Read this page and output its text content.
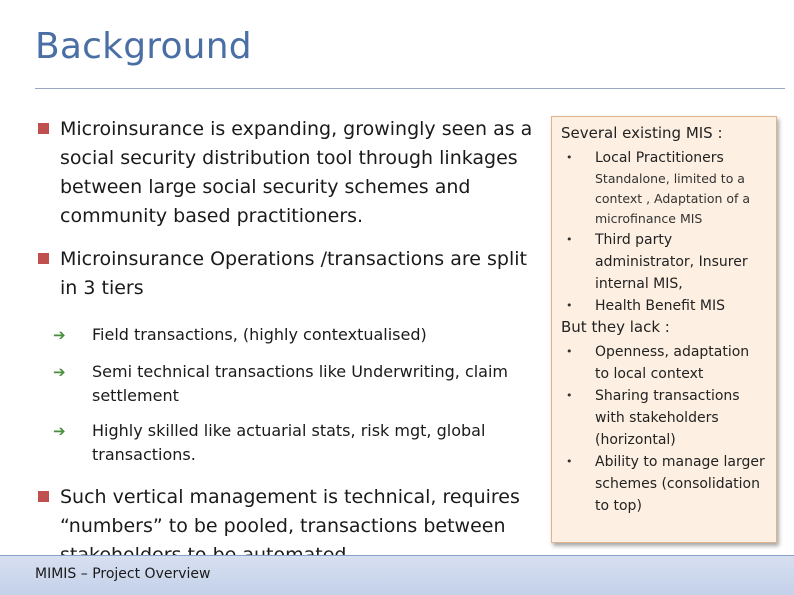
Background
Microinsurance is expanding, growingly seen as a social security distribution tool through linkages between large social security schemes and community based practitioners.
Microinsurance Operations /transactions are split in 3 tiers
➔ Field transactions, (highly contextualised)
➔ Semi technical transactions like Underwriting, claim settlement
➔ Highly skilled like actuarial stats, risk mgt, global transactions.
Such vertical management is technical, requires “numbers” to be pooled, transactions between
Several existing MIS :
• Local Practitioners
Standalone, limited to a context , Adaptation of a microfinance MIS
• Third party administrator, Insurer internal MIS,
• Health Benefit MIS
But they lack :
• Openness, adaptation to local context
• Sharing transactions with stakeholders (horizontal)
• Ability to manage larger schemes (consolidation to top)
MIMIS – Project Overview
